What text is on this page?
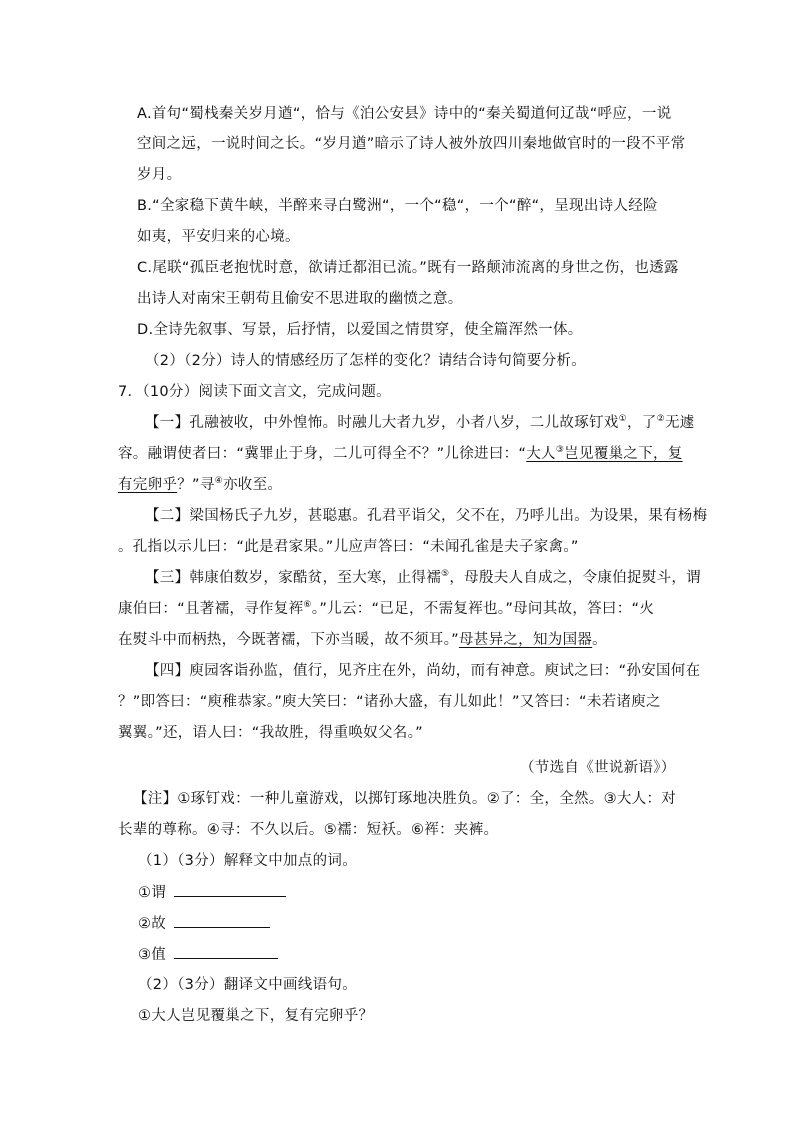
A.首句“蜀栈秦关岁月遒“，恰与《泊公安县》诗中的“秦关蜀道何辽哉“呼应，一说
空间之远，一说时间之长。“岁月遒”暗示了诗人被外放四川秦地做官时的一段不平常
岁月。
B.“全家稳下黄牛峡，半醉来寻白鹭洲“，一个“稳“，一个“醉“，呈现出诗人经险
如夷，平安归来的心境。
C.尾联“孤臣老抱忧时意，欲请迁都泪已流。”既有一路颠沛流离的身世之伤，也透露
出诗人对南宋王朝苟且偷安不思进取的幽愤之意。
D.全诗先叙事、写景，后抒情，以爱国之情贯穿，使全篇浑然一体。
（2）（2分）诗人的情感经历了怎样的变化？请结合诗句简要分析。
7．（10分）阅读下面文言文，完成问题。
【一】孔融被收，中外惶怖。时融儿大者九岁，小者八岁，二儿故琢钉戏①，了②无遽
容。融谓使者曰：“冀罪止于身，二儿可得全不？”儿徐进曰：“大人③岂见覆巢之下，复
有完卵乎？”寻④亦收至。
【二】梁国杨氏子九岁，甚聪惠。孔君平诣父，父不在，乃呼儿出。为设果，果有杨梅
。孔指以示儿曰：“此是君家果。”儿应声答曰：“未闻孔雀是夫子家禽。”
【三】韩康伯数岁，家酷贫，至大寒，止得襦⑤，母殷夫人自成之，令康伯捉熨斗，谓
康伯曰：“且著襦，寻作复裈⑥。”儿云：“已足，不需复裈也。”母问其故，答曰：“火
在熨斗中而柄热，今既著襦，下亦当暖，故不须耳。”母甚异之，知为国器。
【四】庾园客诣孙监，值行，见齐庄在外，尚幼，而有神意。庾试之曰：“孙安国何在
？”即答曰：“庾稚恭家。”庾大笑曰：“诸孙大盛，有儿如此！”又答曰：“未若诸庾之
翼翼。”还，语人曰：“我故胜，得重唤奴父名。”
（节选自《世说新语》）
【注】①琢钉戏：一种儿童游戏，以掷钉琢地决胜负。②了：全，全然。③大人：对
长辈的尊称。④寻：不久以后。⑤襦：短袄。⑥裈：夹裤。
（1）（3分）解释文中加点的词。
①谓
②故
③值
（2）（3分）翻译文中画线语句。
①大人岂见覆巢之下，复有完卵乎？
